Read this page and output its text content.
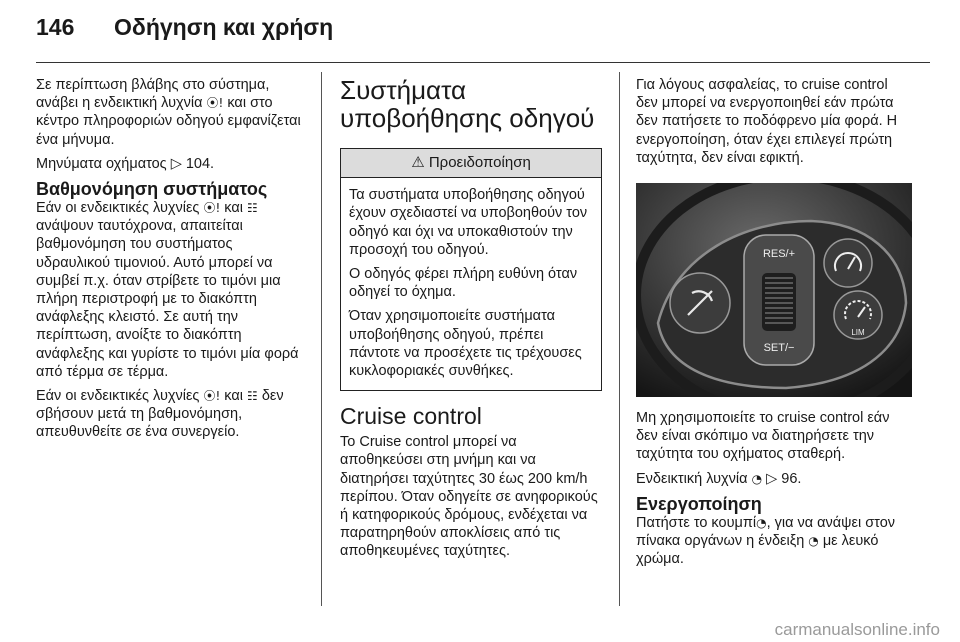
146	Οδήγηση και χρήση

Σε περίπτωση βλάβης στο σύστημα, ανάβει η ενδεικτική λυχνία ⦿! και στο κέντρο πληροφοριών οδηγού εμφανίζεται ένα μήνυμα.

Μηνύματα οχήματος ▷ 104.

Βαθμονόμηση συστήματος

Εάν οι ενδεικτικές λυχνίες ⦿! και ☷ ανάψουν ταυτόχρονα, απαιτείται βαθμονόμηση του συστήματος υδραυλικού τιμονιού. Αυτό μπορεί να συμβεί π.χ. όταν στρίβετε το τιμόνι μια πλήρη περιστροφή με το διακόπτη ανάφλεξης κλειστό. Σε αυτή την περίπτωση, ανοίξτε το διακόπτη ανάφλεξης και γυρίστε το τιμόνι μία φορά από τέρμα σε τέρμα.

Εάν οι ενδεικτικές λυχνίες ⦿! και ☷ δεν σβήσουν μετά τη βαθμονόμηση, απευθυνθείτε σε ένα συνεργείο.

Συστήματα υποβοήθησης οδηγού
⚠ Προειδοποίηση

Τα συστήματα υποβοήθησης οδηγού έχουν σχεδιαστεί να υποβοηθούν τον οδηγό και όχι να υποκαθιστούν την προσοχή του οδηγού.

Ο οδηγός φέρει πλήρη ευθύνη όταν οδηγεί το όχημα.

Όταν χρησιμοποιείτε συστήματα υποβοήθησης οδηγού, πρέπει πάντοτε να προσέχετε τις τρέχουσες κυκλοφοριακές συνθήκες.

Cruise control

Το Cruise control μπορεί να αποθηκεύσει στη μνήμη και να διατηρήσει ταχύτητες 30 έως 200 km/h περίπου. Όταν οδηγείτε σε ανηφορικούς ή κατηφορικούς δρόμους, ενδέχεται να παρατηρηθούν αποκλίσεις από τις αποθηκευμένες ταχύτητες.

Για λόγους ασφαλείας, το cruise control δεν μπορεί να ενεργοποιηθεί εάν πρώτα δεν πατήσετε το ποδόφρενο μία φορά. Η ενεργοποίηση, όταν έχει επιλεγεί πρώτη ταχύτητα, δεν είναι εφικτή.

RES/+
SET/−
LIM

Μη χρησιμοποιείτε το cruise control εάν δεν είναι σκόπιμο να διατηρήσετε την ταχύτητα του οχήματος σταθερή.

Ενδεικτική λυχνία ◔ ▷ 96.

Ενεργοποίηση

Πατήστε το κουμπί◔, για να ανάψει στον πίνακα οργάνων η ένδειξη ◔ με λευκό χρώμα.

carmanualsonline.info
